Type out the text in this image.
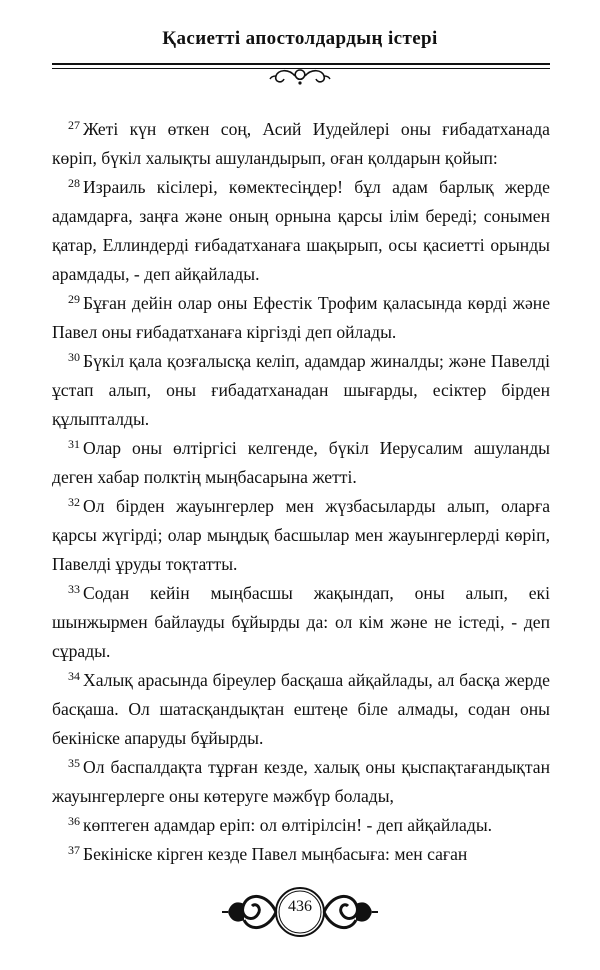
Қасиетті апостолдардың істері

$^{27}$ Жеті күн өткен соң, Асий Иудейлері оны ғибадатханада көріп, бүкіл халықты ашуландырып, оған қолдарын қойып:

$^{28}$ Израиль кісілері, көмектесіңдер! бұл адам барлық жерде адамдарға, заңға және оның орнына қарсы ілім береді; сонымен қатар, Еллиндерді ғибадатханаға шақырып, осы қасиетті орынды арамдады, - деп айқайлады.

$^{29}$ Бұған дейін олар оны Ефестік Трофим қаласында көрді және Павел оны ғибадатханаға кіргізді деп ойлады.

$^{30}$ Бүкіл қала қозғалысқа келіп, адамдар жиналды; және Павелді ұстап алып, оны ғибадатханадан шығарды, есіктер бірден құлыпталды.

$^{31}$ Олар оны өлтіргісі келгенде, бүкіл Иерусалим ашуланды деген хабар полктің мыңбасарына жетті.

$^{32}$ Ол бірден жауынгерлер мен жүзбасыларды алып, оларға қарсы жүгірді; олар мыңдық басшылар мен жауынгерлерді көріп, Павелді ұруды тоқтатты.

$^{33}$ Содан кейін мыңбасшы жақындап, оны алып, екі шынжырмен байлауды бұйырды да: ол кім және не істеді, - деп сұрады.

$^{34}$ Халық арасында біреулер басқаша айқайлады, ал басқа жерде басқаша. Ол шатасқандықтан ештеңе біле алмады, содан оны бекініске апаруды бұйырды.

$^{35}$ Ол баспалдақта тұрған кезде, халық оны қыспақтағандықтан жауынгерлерге оны көтеруге мәжбүр болады,

$^{36}$ көптеген адамдар еріп: ол өлтірілсін! - деп айқайлады.

$^{37}$ Бекініске кірген кезде Павел мыңбасыға: мен саған

436
